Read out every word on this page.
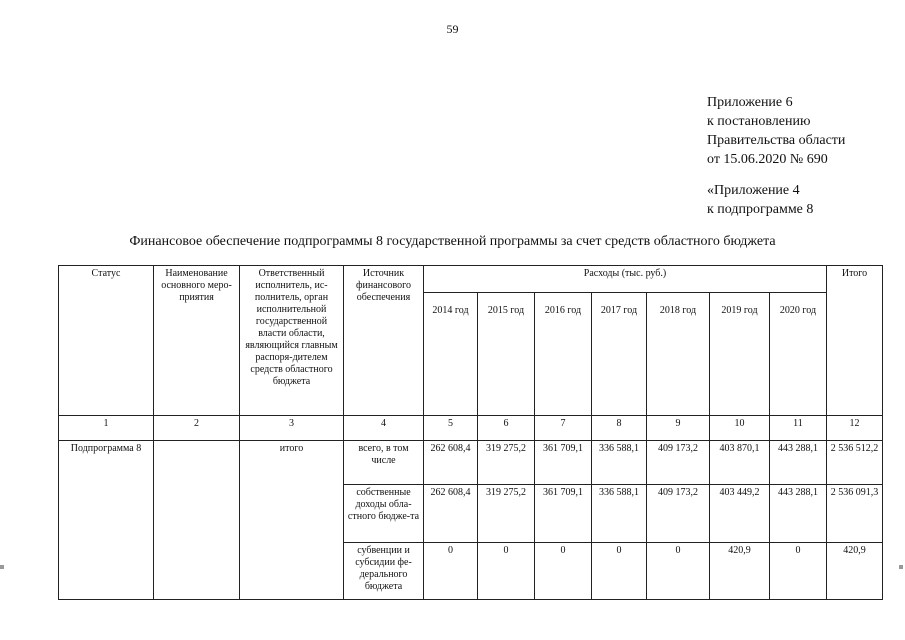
59
Приложение 6
к постановлению
Правительства области
от 15.06.2020 № 690
«Приложение 4
к подпрограмме 8
Финансовое обеспечение подпрограммы 8 государственной программы за счет средств областного бюджета
Статус	Наименование основного меро-приятия	Ответственный исполнитель, ис-полнитель, орган исполнительной государственной власти области, являющийся главным распоря-дителем средств областного бюджета	Источник финансового обеспечения	Расходы (тыс. руб.)							Итого

				2014 год	2015 год	2016 год	2017 год	2018 год	2019 год	2020 год	

1	2	3	4	5	6	7	8	9	10	11	12
Подпрограмма 8		итого	всего, в том числе	262 608,4	319 275,2	361 709,1	336 588,1	409 173,2	403 870,1	443 288,1	2 536 512,2
			собственные доходы обла-стного бюдже-та	262 608,4	319 275,2	361 709,1	336 588,1	409 173,2	403 449,2	443 288,1	2 536 091,3
			субвенции и субсидии фе-дерального бюджета	0	0	0	0	0	420,9	0	420,9
